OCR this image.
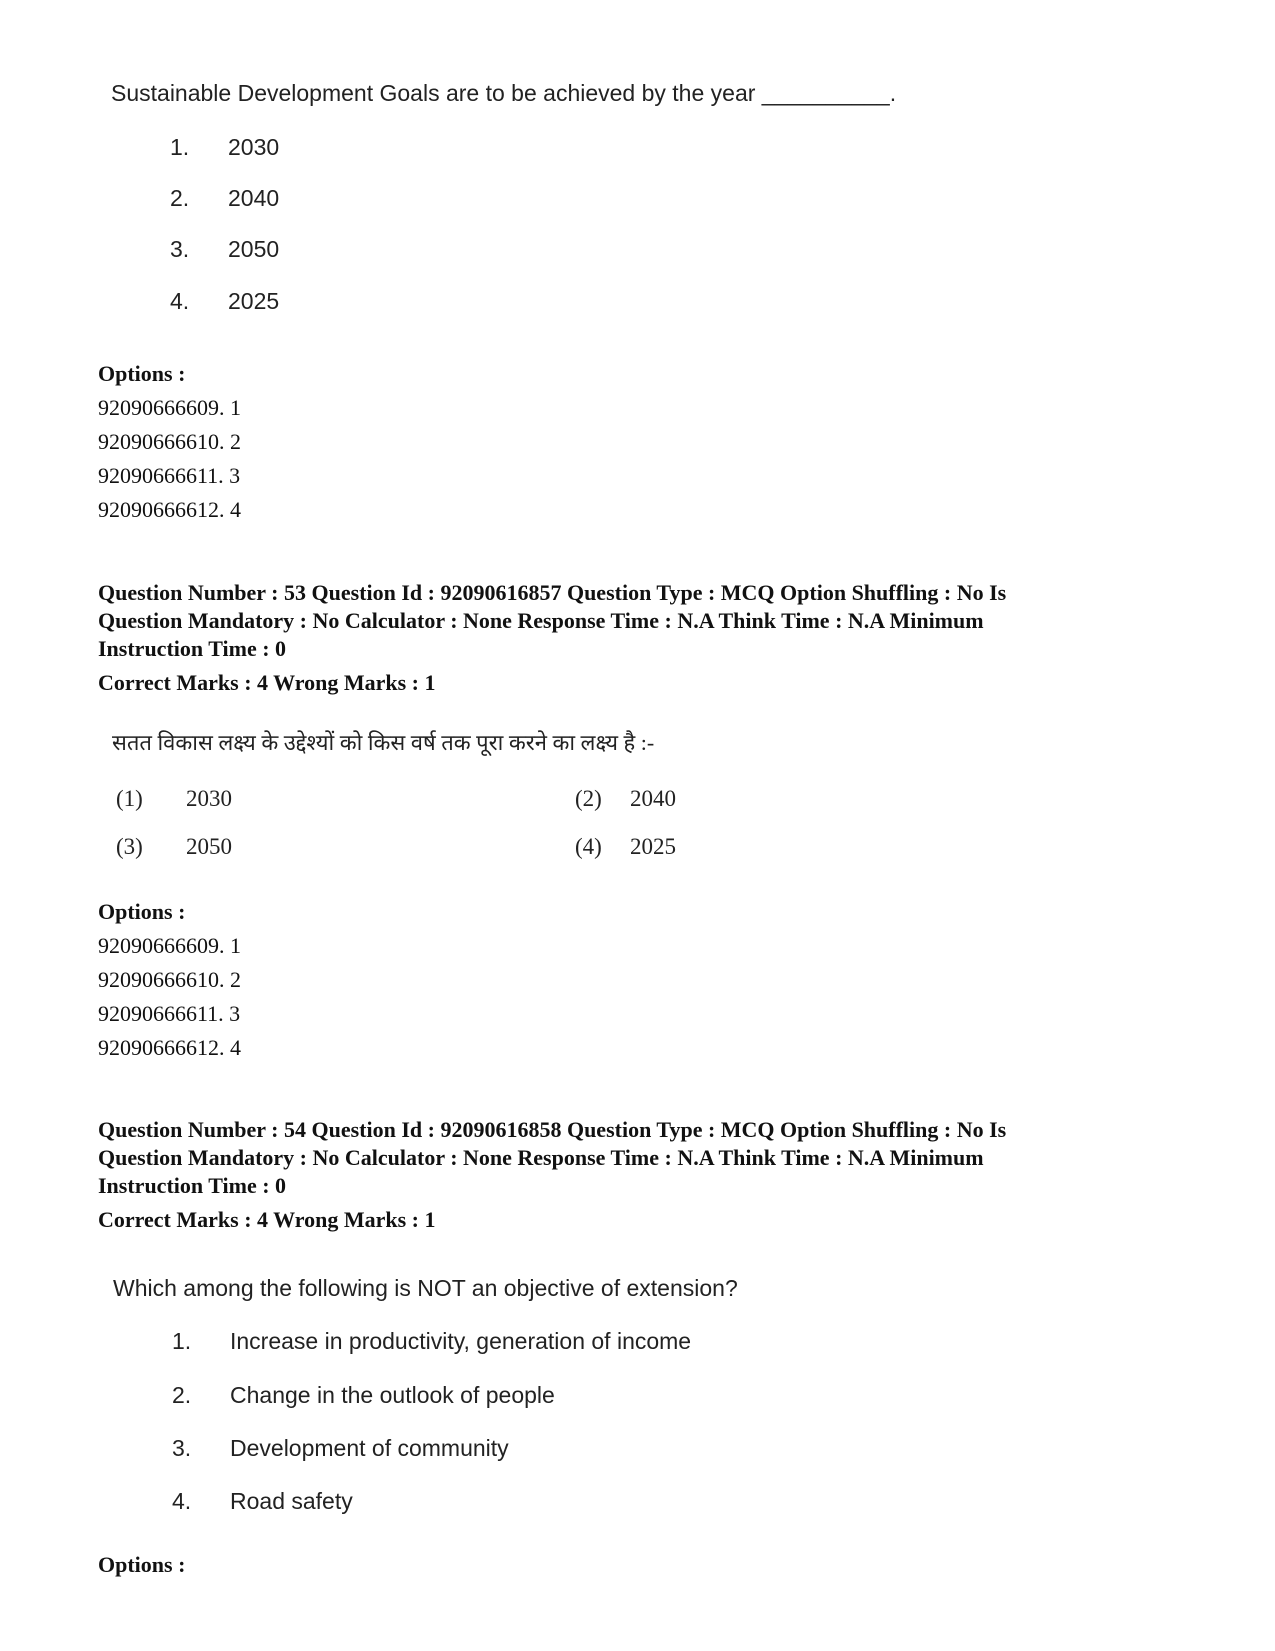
Sustainable Development Goals are to be achieved by the year __________.
1. 2030
2. 2040
3. 2050
4. 2025
Options :
92090666609. 1
92090666610. 2
92090666611. 3
92090666612. 4
Question Number : 53 Question Id : 92090616857 Question Type : MCQ Option Shuffling : No Is
Question Mandatory : No Calculator : None Response Time : N.A Think Time : N.A Minimum
Instruction Time : 0
Correct Marks : 4 Wrong Marks : 1
सतत विकास लक्ष्य के उद्देश्यों को किस वर्ष तक पूरा करने का लक्ष्य है :-
(1) 2030	(2) 2040
(3) 2050	(4) 2025
Options :
92090666609. 1
92090666610. 2
92090666611. 3
92090666612. 4
Question Number : 54 Question Id : 92090616858 Question Type : MCQ Option Shuffling : No Is
Question Mandatory : No Calculator : None Response Time : N.A Think Time : N.A Minimum
Instruction Time : 0
Correct Marks : 4 Wrong Marks : 1
Which among the following is NOT an objective of extension?
1. Increase in productivity, generation of income
2. Change in the outlook of people
3. Development of community
4. Road safety
Options :
